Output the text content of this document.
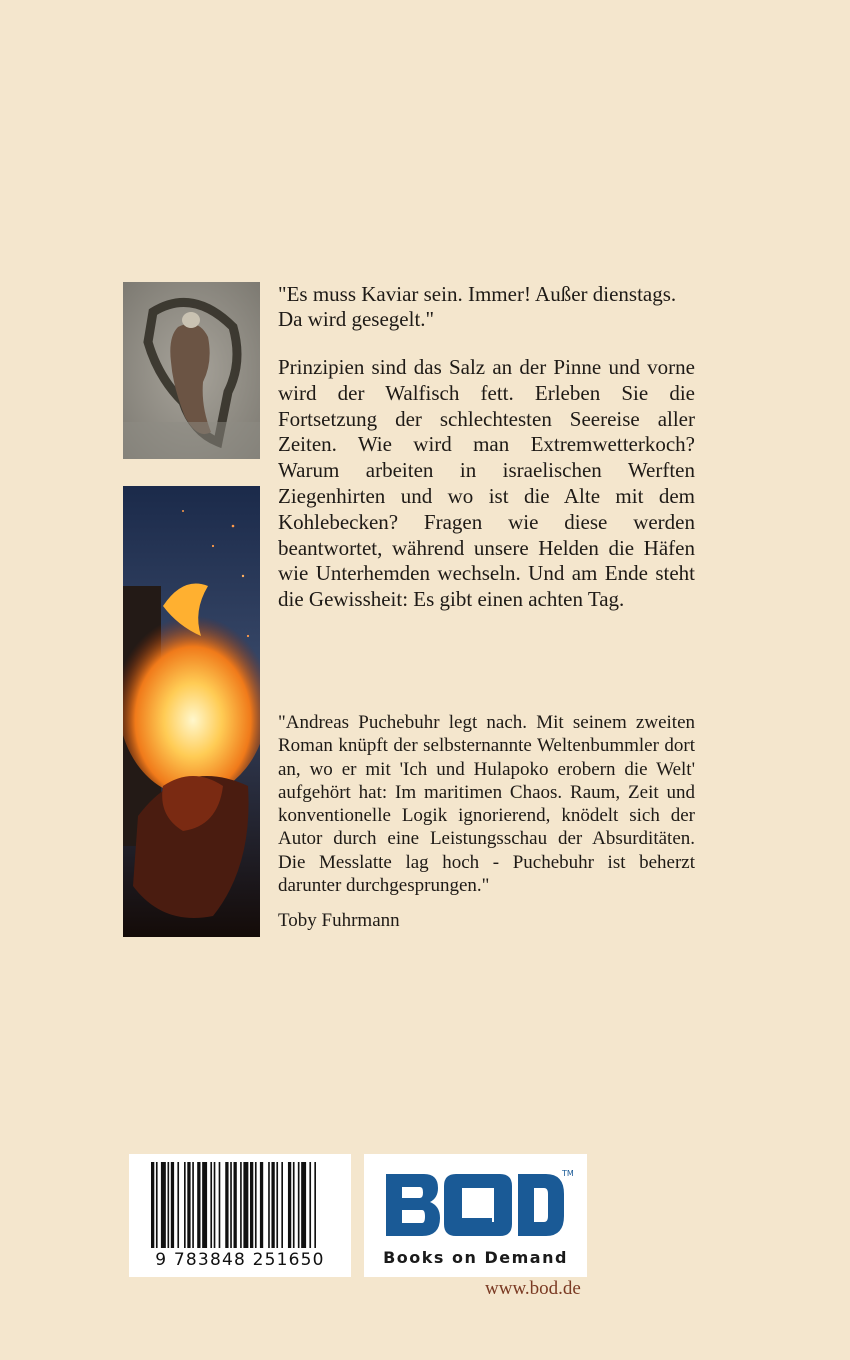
"Es muss Kaviar sein. Immer! Außer dienstags. Da wird gesegelt."

Prinzipien sind das Salz an der Pinne und vorne wird der Walfisch fett. Erleben Sie die Fortsetzung der schlechtesten Seereise aller Zeiten. Wie wird man Extremwetterkoch? Warum arbeiten in israelischen Werften Ziegenhirten und wo ist die Alte mit dem Kohlebecken? Fragen wie diese werden beantwortet, während unsere Helden die Häfen wie Unterhemden wechseln. Und am Ende steht die Gewissheit: Es gibt einen achten Tag.

"Andreas Puchebuhr legt nach. Mit seinem zweiten Roman knüpft der selbsternannte Weltenbummler dort an, wo er mit 'Ich und Hulapoko erobern die Welt' aufgehört hat: Im maritimen Chaos. Raum, Zeit und konventionelle Logik ignorierend, knödelt sich der Autor durch eine Leistungsschau der Absurditäten. Die Messlatte lag hoch - Puchebuhr ist beherzt darunter durchgesprungen."

Toby Fuhrmann

9 783848 251650
TM
Books on Demand
www.bod.de
